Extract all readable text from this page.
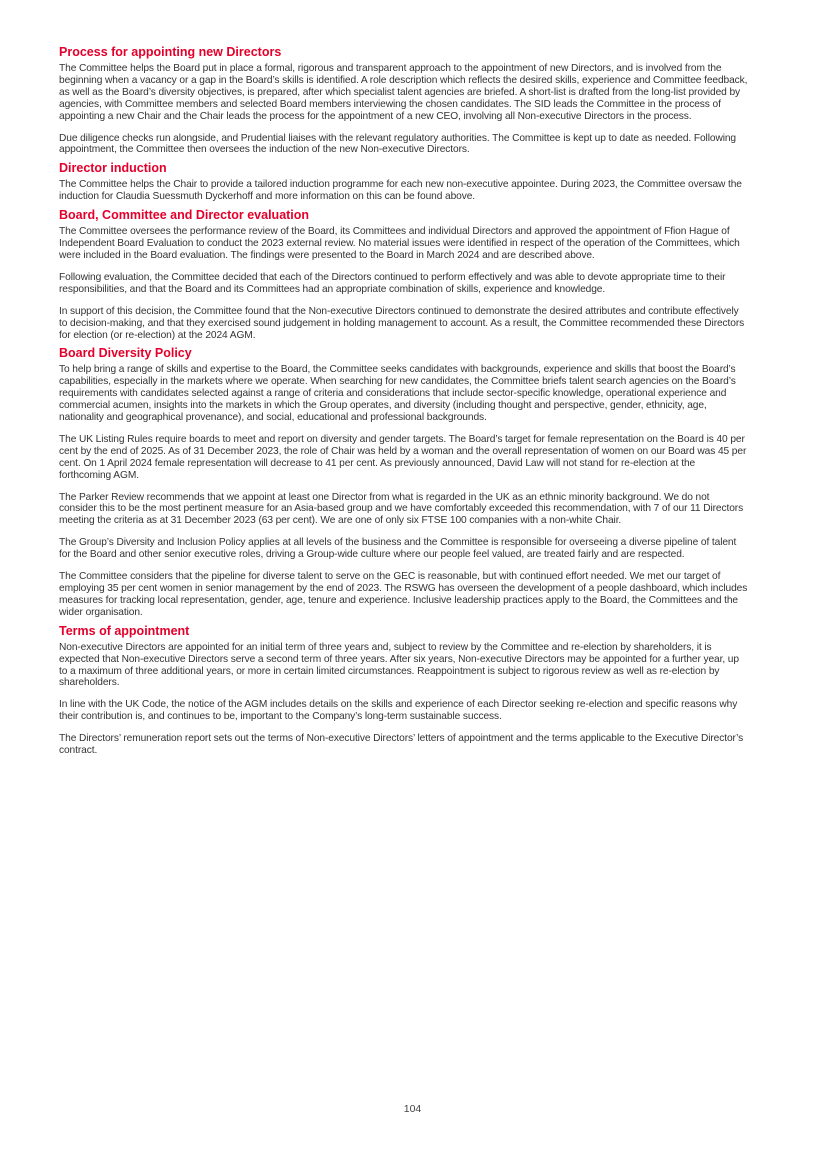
Process for appointing new Directors

The Committee helps the Board put in place a formal, rigorous and transparent approach to the appointment of new Directors, and is involved from the beginning when a vacancy or a gap in the Board’s skills is identified. A role description which reflects the desired skills, experience and Committee feedback, as well as the Board’s diversity objectives, is prepared, after which specialist talent agencies are briefed. A short-list is drafted from the long-list provided by agencies, with Committee members and selected Board members interviewing the chosen candidates. The SID leads the Committee in the process of appointing a new Chair and the Chair leads the process for the appointment of a new CEO, involving all Non-executive Directors in the process.

Due diligence checks run alongside, and Prudential liaises with the relevant regulatory authorities. The Committee is kept up to date as needed. Following appointment, the Committee then oversees the induction of the new Non-executive Directors.

Director induction

The Committee helps the Chair to provide a tailored induction programme for each new non-executive appointee. During 2023, the Committee oversaw the induction for Claudia Suessmuth Dyckerhoff and more information on this can be found above.

Board, Committee and Director evaluation

The Committee oversees the performance review of the Board, its Committees and individual Directors and approved the appointment of Ffion Hague of Independent Board Evaluation to conduct the 2023 external review. No material issues were identified in respect of the operation of the Committees, which were included in the Board evaluation. The findings were presented to the Board in March 2024 and are described above.

Following evaluation, the Committee decided that each of the Directors continued to perform effectively and was able to devote appropriate time to their responsibilities, and that the Board and its Committees had an appropriate combination of skills, experience and knowledge.

In support of this decision, the Committee found that the Non-executive Directors continued to demonstrate the desired attributes and contribute effectively to decision-making, and that they exercised sound judgement in holding management to account. As a result, the Committee recommended these Directors for election (or re-election) at the 2024 AGM.

Board Diversity Policy

To help bring a range of skills and expertise to the Board, the Committee seeks candidates with backgrounds, experience and skills that boost the Board’s capabilities, especially in the markets where we operate. When searching for new candidates, the Committee briefs talent search agencies on the Board’s requirements with candidates selected against a range of criteria and considerations that include sector-specific knowledge, operational experience and commercial acumen, insights into the markets in which the Group operates, and diversity (including thought and perspective, gender, ethnicity, age, nationality and geographical provenance), and social, educational and professional backgrounds.

The UK Listing Rules require boards to meet and report on diversity and gender targets. The Board’s target for female representation on the Board is 40 per cent by the end of 2025. As of 31 December 2023, the role of Chair was held by a woman and the overall representation of women on our Board was 45 per cent. On 1 April 2024 female representation will decrease to 41 per cent. As previously announced, David Law will not stand for re-election at the forthcoming AGM.

The Parker Review recommends that we appoint at least one Director from what is regarded in the UK as an ethnic minority background. We do not consider this to be the most pertinent measure for an Asia-based group and we have comfortably exceeded this recommendation, with 7 of our 11 Directors meeting the criteria as at 31 December 2023 (63 per cent). We are one of only six FTSE 100 companies with a non-white Chair.

The Group’s Diversity and Inclusion Policy applies at all levels of the business and the Committee is responsible for overseeing a diverse pipeline of talent for the Board and other senior executive roles, driving a Group-wide culture where our people feel valued, are treated fairly and are respected.

The Committee considers that the pipeline for diverse talent to serve on the GEC is reasonable, but with continued effort needed. We met our target of employing 35 per cent women in senior management by the end of 2023. The RSWG has overseen the development of a people dashboard, which includes measures for tracking local representation, gender, age, tenure and experience. Inclusive leadership practices apply to the Board, the Committees and the wider organisation.

Terms of appointment

Non-executive Directors are appointed for an initial term of three years and, subject to review by the Committee and re-election by shareholders, it is expected that Non-executive Directors serve a second term of three years. After six years, Non-executive Directors may be appointed for a further year, up to a maximum of three additional years, or more in certain limited circumstances. Reappointment is subject to rigorous review as well as re-election by shareholders.

In line with the UK Code, the notice of the AGM includes details on the skills and experience of each Director seeking re-election and specific reasons why their contribution is, and continues to be, important to the Company’s long-term sustainable success.

The Directors’ remuneration report sets out the terms of Non-executive Directors’ letters of appointment and the terms applicable to the Executive Director’s contract.

104
